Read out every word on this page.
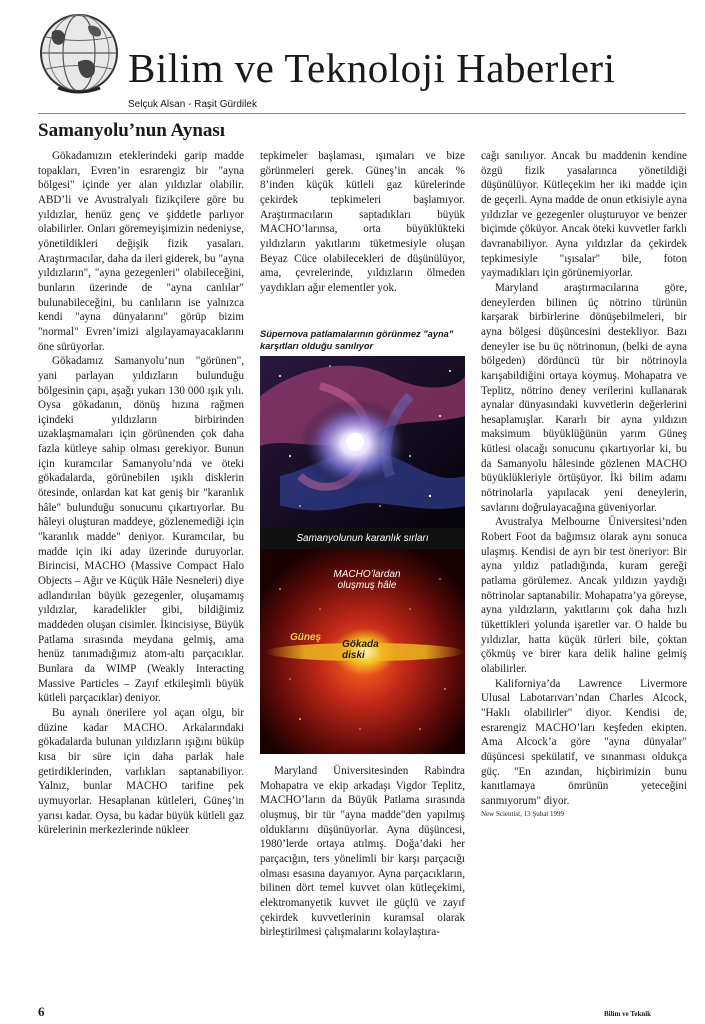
Bilim ve Teknoloji Haberleri
Selçuk Alsan - Raşit Gürdilek
Samanyolu’nun Aynası

Gökadamızın eteklerindeki garip madde topakları, Evren’in esrarengiz bir "ayna bölgesi" içinde yer alan yıldızlar olabilir. ABD’li ve Avustralyalı fizikçilere göre bu yıldızlar, henüz genç ve şiddetle parlıyor olabilirler. Onları göremeyişimizin nedeniyse, yönetildikleri değişik fizik yasaları. Araştırmacılar, daha da ileri giderek, bu "ayna yıldızların", "ayna gezegenleri" olabileceğini, bunların üzerinde de "ayna canlılar" bulunabileceğini, bu canlıların ise yalnızca kendi "ayna dünyalarını" görüp bizim "normal" Evren’imizi algılayamayacaklarını öne sürüyorlar.

Gökadamız Samanyolu’nun "görünen", yani parlayan yıldızların bulunduğu bölgesinin çapı, aşağı yukarı 130 000 ışık yılı. Oysa gökadanın, dönüş hızına rağmen içindeki yıldızların birbirinden uzaklaşmamaları için görünenden çok daha fazla kütleye sahip olması gerekiyor. Bunun için kuramcılar Samanyolu’nda ve öteki gökadalarda, görünebilen ışıklı disklerin ötesinde, onlardan kat kat geniş bir "karanlık hâle" bulunduğu sonucunu çıkartıyorlar. Bu hâleyi oluşturan maddeye, gözlenemediği için "karanlık madde" deniyor. Kuramcılar, bu madde için iki aday üzerinde duruyorlar. Birincisi, MACHO (Massive Compact Halo Objects – Ağır ve Küçük Hâle Nesneleri) diye adlandırılan büyük gezegenler, oluşamamış yıldızlar, karadelikler gibi, bildiğimiz maddeden oluşan cisimler. İkincisiyse, Büyük Patlama sırasında meydana gelmiş, ama henüz tanımadığımız atom-altı parçacıklar. Bunlara da WIMP (Weakly Interacting Massive Particles – Zayıf etkileşimli büyük kütleli parçacıklar) deniyor.

Bu aynalı önerilere yol açan olgu, bir düzine kadar MACHO. Arkalarındaki gökadalarda bulunan yıldızların ışığını büküp kısa bir süre için daha parlak hale getirdiklerinden, varlıkları saptanabiliyor. Yalnız, bunlar MACHO tarifine pek uymuyorlar. Hesaplanan kütleleri, Güneş’in yarısı kadar. Oysa, bu kadar büyük kütleli gaz kürelerinin merkezlerinde nükleer

tepkimeler başlaması, ışımaları ve bize görünmeleri gerek. Güneş’in ancak % 8’inden küçük kütleli gaz kürelerinde çekirdek tepkimeleri başlamıyor. Araştırmacıların saptadıkları büyük MACHO’larınsa, orta büyüklükteki yıldızların yakıtlarını tüketmesiyle oluşan Beyaz Cüce olabilecekleri de düşünülüyor, ama, çevrelerinde, yıldızların ölmeden yaydıkları ağır elementler yok.

Süpernova patlamalarının görünmez "ayna" karşıtları olduğu sanılıyor
Samanyolunun karanlık sırları
MACHO’lardan oluşmuş hâle
Güneş
Gökada diski

Maryland Üniversitesinden Rabindra Mohapatra ve ekip arkadaşı Vigdor Teplitz, MACHO’ların da Büyük Patlama sırasında oluşmuş, bir tür "ayna madde"den yapılmış olduklarını düşünüyorlar. Ayna düşüncesi, 1980’lerde ortaya atılmış. Doğa’daki her parçacığın, ters yönelimli bir karşı parçacığı olması esasına dayanıyor. Ayna parçacıkların, bilinen dört temel kuvvet olan kütleçekimi, elektromanyetik kuvvet ile güçlü ve zayıf çekirdek kuvvetlerinin kuramsal olarak birleştirilmesi çalışmalarını kolaylaştıra-

cağı sanılıyor. Ancak bu maddenin kendine özgü fizik yasalarınca yönetildiği düşünülüyor. Kütleçekim her iki madde için de geçerli. Ayna madde de onun etkisiyle ayna yıldızlar ve gezegenler oluşturuyor ve benzer biçimde çöküyor. Ancak öteki kuvvetler farklı davranabiliyor. Ayna yıldızlar da çekirdek tepkimesiyle "ışısalar" bile, foton yaymadıkları için görünemiyorlar.

Maryland araştırmacılarına göre, deneylerden bilinen üç nötrino türünün karşarak birbirlerine dönüşebilmeleri, bir ayna bölgesi düşüncesini destekliyor. Bazı deneyler ise bu üç nötrinonun, (belki de ayna bölgeden) dördüncü tür bir nötrinoyla karışabildiğini ortaya koymuş. Mohapatra ve Teplitz, nötrino deney verilerini kullanarak aynalar dünyasındaki kuvvetlerin değerlerini hesaplamışlar. Kararlı bir ayna yıldızın maksimum büyüklüğünün yarım Güneş kütlesi olacağı sonucunu çıkartıyorlar ki, bu da Samanyolu hâlesinde gözlenen MACHO büyüklükleriyle örtüşüyor. İki bilim adamı nötrinolarla yapılacak yeni deneylerin, savlarını doğrulayacağına güveniyorlar.

Avustralya Melbourne Üniversitesi’nden Robert Foot da bağımsız olarak aynı sonuca ulaşmış. Kendisi de ayrı bir test öneriyor: Bir ayna yıldız patladığında, kuram gereği patlama görülemez. Ancak yıldızın yaydığı nötrinolar saptanabilir. Mohapatra’ya göreyse, ayna yıldızların, yakıtlarını çok daha hızlı tükettikleri yolunda işaretler var. O halde bu yıldızlar, hatta küçük türleri bile, çoktan çökmüş ve birer kara delik haline gelmiş olabilirler.

Kaliforniya’da Lawrence Livermore Ulusal Labotarıvarı’ndan Charles Alcock, "Haklı olabilirler" diyor. Kendisi de, esrarengiz MACHO’ları keşfeden ekipten. Ama Alcock’a göre "ayna dünyalar" düşüncesi spekülatif, ve sınanması oldukça güç. "En azından, hiçbirimizin bunu kanıtlamaya ömrünün yeteceğini sanmıyorum" diyor.

New Scientist, 13 Şubat 1999

6	Bilim ve Teknik
